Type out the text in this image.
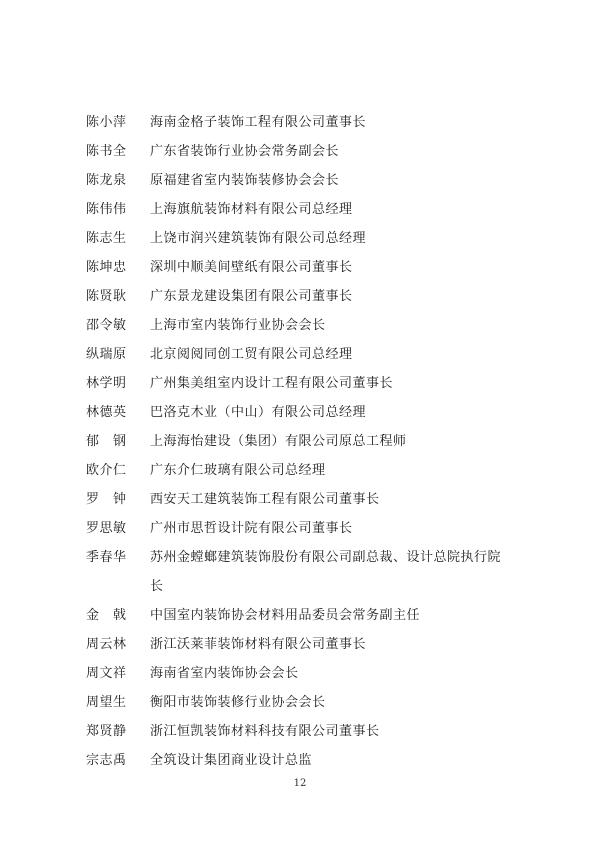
陈小萍	海南金格子装饰工程有限公司董事长
陈书全	广东省装饰行业协会常务副会长
陈龙泉	原福建省室内装饰装修协会会长
陈伟伟	上海旗航装饰材料有限公司总经理
陈志生	上饶市润兴建筑装饰有限公司总经理
陈坤忠	深圳中顺美间壁纸有限公司董事长
陈贤耿	广东景龙建设集团有限公司董事长
邵令敏	上海市室内装饰行业协会会长
纵瑞原	北京阅阅同创工贸有限公司总经理
林学明	广州集美组室内设计工程有限公司董事长
林德英	巴洛克木业（中山）有限公司总经理
郁　钢	上海海怡建设（集团）有限公司原总工程师
欧介仁	广东介仁玻璃有限公司总经理
罗　钟	西安天工建筑装饰工程有限公司董事长
罗思敏	广州市思哲设计院有限公司董事长
季春华	苏州金螳螂建筑装饰股份有限公司副总裁、设计总院执行院长
金　戟	中国室内装饰协会材料用品委员会常务副主任
周云林	浙江沃莱菲装饰材料有限公司董事长
周文祥	海南省室内装饰协会会长
周望生	衡阳市装饰装修行业协会会长
郑贤静	浙江恒凯装饰材料科技有限公司董事长
宗志禹	全筑设计集团商业设计总监
12
